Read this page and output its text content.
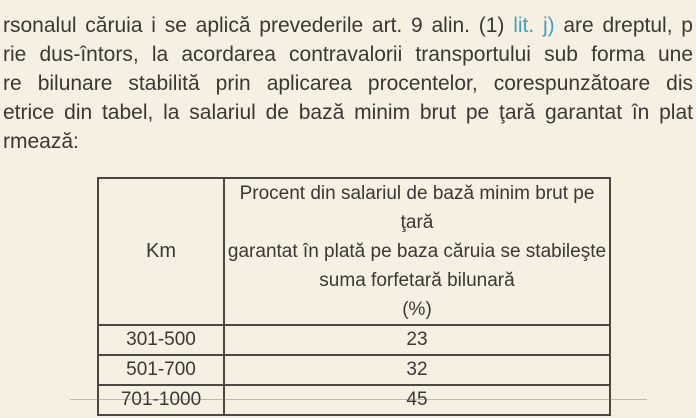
rsonalul căruia i se aplică prevederile art. 9 alin. (1) lit. j) are dreptul, p
rie dus-întors, la acordarea contravalorii transportului sub forma une
re bilunare stabilită prin aplicarea procentelor, corespunzătoare dis
etrice din tabel, la salariul de bază minim brut pe ţară garantat în plat
rmează:
Km	Procent din salariul de bază minim brut pe ţară
garantat în plată pe baza căruia se stabileşte
suma forfetară bilunară
(%)

301-500	23
501-700	32
701-1000	45
